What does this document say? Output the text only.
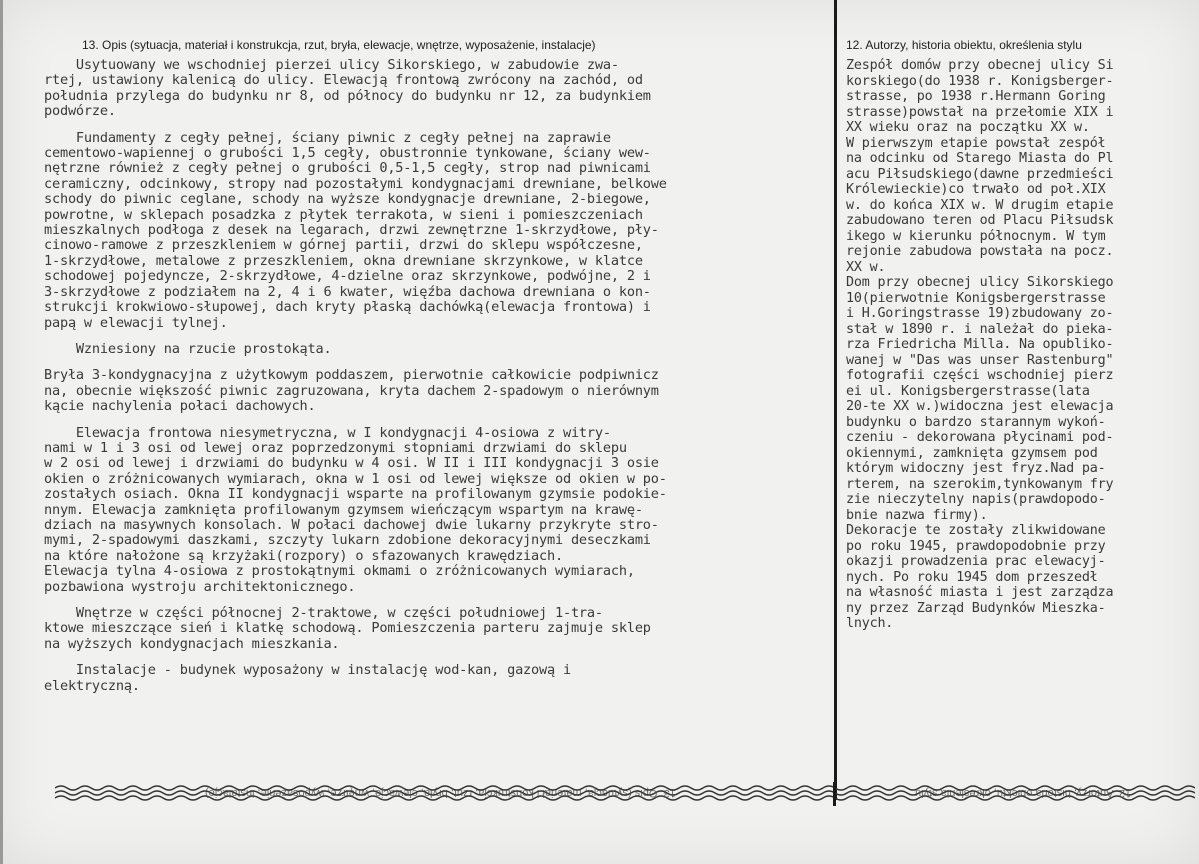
13. Opis (sytuacja, materiał i konstrukcja, rzut, bryła, elewacje, wnętrze, wyposażenie, instalacje)

Usytuowany we wschodniej pierzei ulicy Sikorskiego, w zabudowie zwa-
rtej, ustawiony kalenicą do ulicy. Elewacją frontową zwrócony na zachód, od
południa przylega do budynku nr 8, od północy do budynku nr 12, za budynkiem
podwórze.

Fundamenty z cegły pełnej, ściany piwnic z cegły pełnej na zaprawie
cementowo-wapiennej o grubości 1,5 cegły, obustronnie tynkowane, ściany wew-
nętrzne również z cegły pełnej o grubości 0,5-1,5 cegły, strop nad piwnicami
ceramiczny, odcinkowy, stropy nad pozostałymi kondygnacjami drewniane, belkowe
schody do piwnic ceglane, schody na wyższe kondygnacje drewniane, 2-biegowe,
powrotne, w sklepach posadzka z płytek terrakota, w sieni i pomieszczeniach
mieszkalnych podłoga z desek na legarach, drzwi zewnętrzne 1-skrzydłowe, pły-
cinowo-ramowe z przeszkleniem w górnej partii, drzwi do sklepu współczesne,
1-skrzydłowe, metalowe z przeszkleniem, okna drewniane skrzynkowe, w klatce
schodowej pojedyncze, 2-skrzydłowe, 4-dzielne oraz skrzynkowe, podwójne, 2 i
3-skrzydłowe z podziałem na 2, 4 i 6 kwater, więźba dachowa drewniana o kon-
strukcji krokwiowo-słupowej, dach kryty płaską dachówką(elewacja frontowa) i
papą w elewacji tylnej.

Wzniesiony na rzucie prostokąta.

Bryła 3-kondygnacyjna z użytkowym poddaszem, pierwotnie całkowicie podpiwnicz
na, obecnie większość piwnic zagruzowana, kryta dachem 2-spadowym o nierównym
kącie nachylenia połaci dachowych.

Elewacja frontowa niesymetryczna, w I kondygnacji 4-osiowa z witry-
nami w 1 i 3 osi od lewej oraz poprzedzonymi stopniami drzwiami do sklepu
w 2 osi od lewej i drzwiami do budynku w 4 osi. W II i III kondygnacji 3 osie
okien o zróżnicowanych wymiarach, okna w 1 osi od lewej większe od okien w po-
zostałych osiach. Okna II kondygnacji wsparte na profilowanym gzymsie podokie-
nnym. Elewacja zamknięta profilowanym gzymsem wieńczącym wspartym na krawę-
dziach na masywnych konsolach. W połaci dachowej dwie lukarny przykryte stro-
mymi, 2-spadowymi daszkami, szczyty lukarn zdobione dekoracyjnymi deseczkami
na które nałożone są krzyżaki(rozpory) o sfazowanych krawędziach.
Elewacja tylna 4-osiowa z prostokątnymi okmami o zróżnicowanych wymiarach,
pozbawiona wystroju architektonicznego.

Wnętrze w części północnej 2-traktowe, w części południowej 1-tra-
ktowe mieszczące sień i klatkę schodową. Pomieszczenia parteru zajmuje sklep
na wyższych kondygnacjach mieszkania.

Instalacje - budynek wyposażony w instalację wod-kan, gazową i
elektryczną.

12. Autorzy, historia obiektu, określenia stylu

Zespół domów przy obecnej ulicy Si
korskiego(do 1938 r. Konigsberger-
strasse, po 1938 r.Hermann Goring
strasse)powstał na przełomie XIX i
XX wieku oraz na początku XX w.
W pierwszym etapie powstał zespół
na odcinku od Starego Miasta do Pl
acu Piłsudskiego(dawne przedmieści
Królewieckie)co trwało od poł.XIX
w. do końca XIX w. W drugim etapie
zabudowano teren od Placu Piłsudsk
ikego w kierunku północnym. W tym
rejonie zabudowa powstała na pocz.
XX w.
Dom przy obecnej ulicy Sikorskiego
10(pierwotnie Konigsbergerstrasse
i H.Goringstrasse 19)zbudowany zo-
stał w 1890 r. i należał do pieka-
rza Friedricha Milla. Na opubliko-
wanej w "Das was unser Rastenburg"
fotografii części wschodniej pierz
ei ul. Konigsbergerstrasse(lata
20-te XX w.)widoczna jest elewacja
budynku o bardzo starannym wykoń-
czeniu - dekorowana płycinami pod-
okiennymi, zamknięta gzymsem pod
którym widoczny jest fryz.Nad pa-
rterem, na szerokim,tynkowanym fry
zie nieczytelny napis(prawdopodo-
bnie nazwa firmy).
Dekoracje te zostały zlikwidowane
po roku 1945, prawdopodobnie przy
okazji prowadzenia prac elewacyj-
nych. Po roku 1945 dom przeszedł
na własność miasta i jest zarządza
ny przez Zarząd Budynków Mieszka-
lnych.

13. Opis (sytuacja, materiał i konstrukcja, rzut, bryła, elewacje, wnętrze, wyposażenie, instalacje)	12. Autorzy, historia obiektu, określenia stylu
